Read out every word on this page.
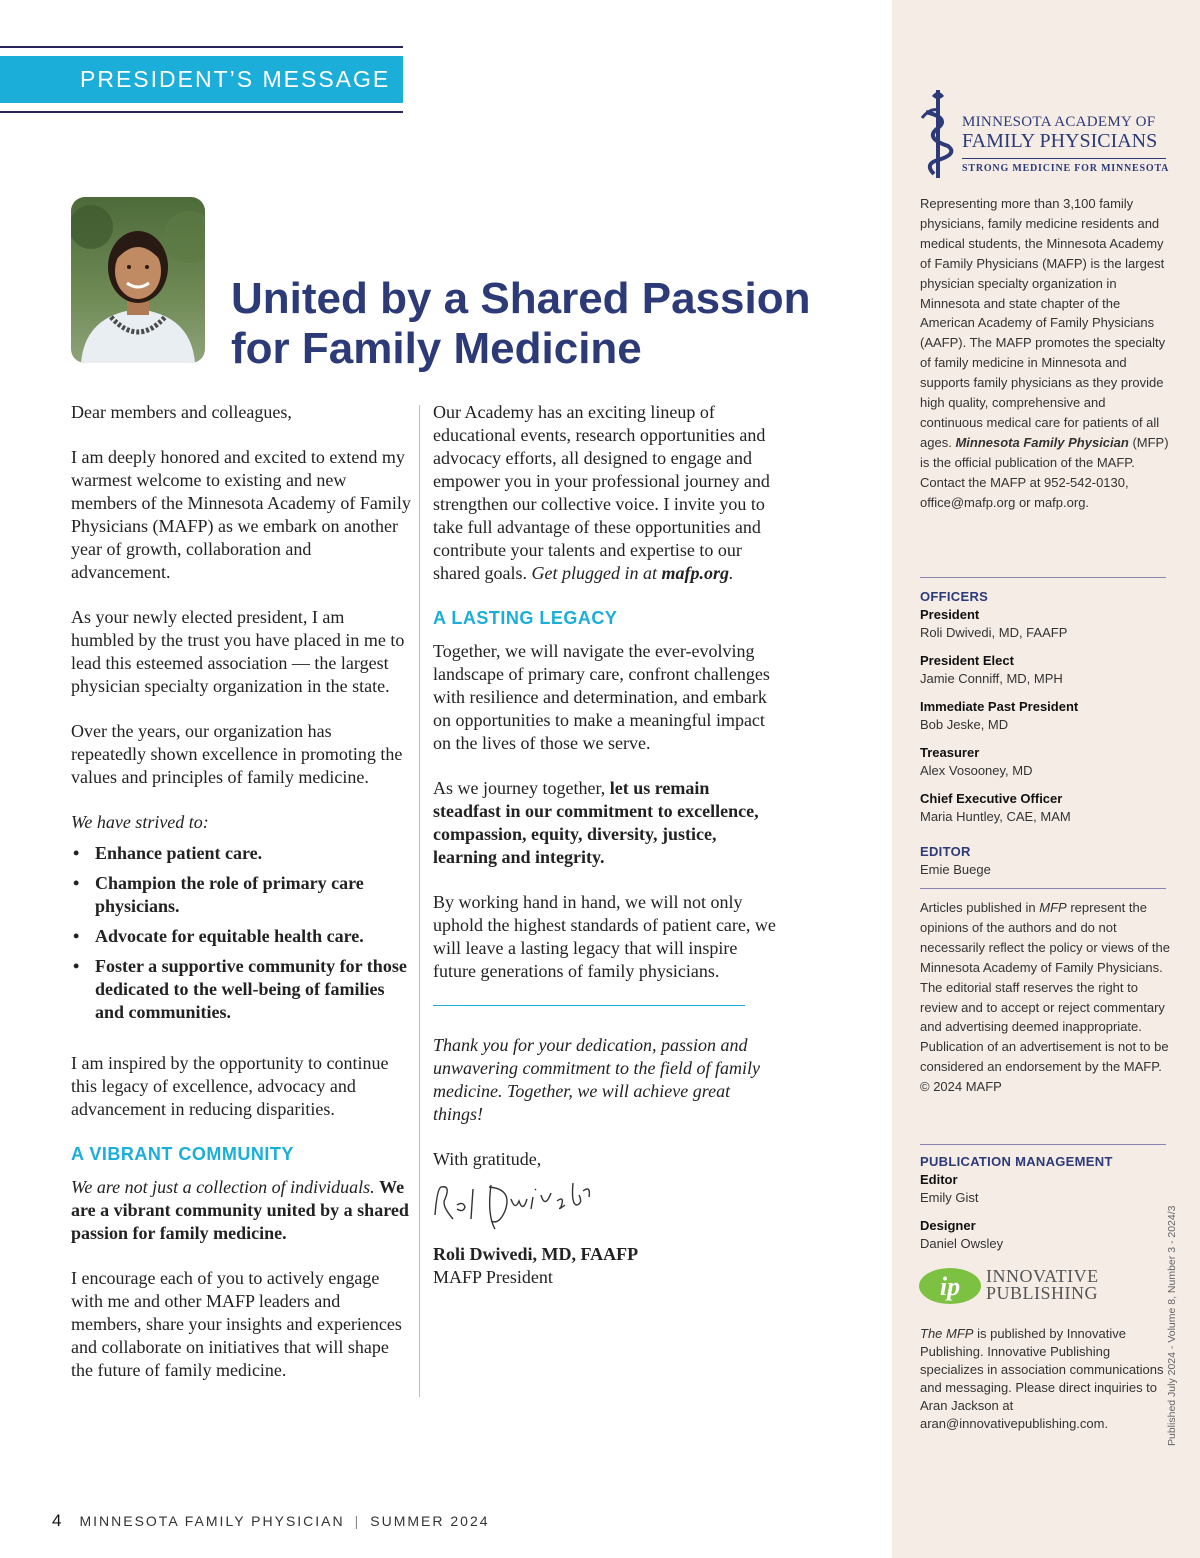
PRESIDENT’S MESSAGE
United by a Shared Passion
for Family Medicine

Dear members and colleagues,

I am deeply honored and excited to extend my warmest welcome to existing and new members of the Minnesota Academy of Family Physicians (MAFP) as we embark on another year of growth, collaboration and advancement.

As your newly elected president, I am humbled by the trust you have placed in me to lead this esteemed association — the largest physician specialty organization in the state.

Over the years, our organization has repeatedly shown excellence in promoting the values and principles of family medicine.

We have strived to:

• Enhance patient care.
• Champion the role of primary care physicians.
• Advocate for equitable health care.
• Foster a supportive community for those dedicated to the well-being of families and communities.

I am inspired by the opportunity to continue this legacy of excellence, advocacy and advancement in reducing disparities.

A VIBRANT COMMUNITY

We are not just a collection of individuals. We are a vibrant community united by a shared passion for family medicine.

I encourage each of you to actively engage with me and other MAFP leaders and members, share your insights and experiences and collaborate on initiatives that will shape the future of family medicine.

Our Academy has an exciting lineup of educational events, research opportunities and advocacy efforts, all designed to engage and empower you in your professional journey and strengthen our collective voice. I invite you to take full advantage of these opportunities and contribute your talents and expertise to our shared goals. Get plugged in at mafp.org.

A LASTING LEGACY

Together, we will navigate the ever-evolving landscape of primary care, confront challenges with resilience and determination, and embark on opportunities to make a meaningful impact on the lives of those we serve.

As we journey together, let us remain steadfast in our commitment to excellence, compassion, equity, diversity, justice, learning and integrity.

By working hand in hand, we will not only uphold the highest standards of patient care, we will leave a lasting legacy that will inspire future generations of family physicians.

Thank you for your dedication, passion and unwavering commitment to the field of family medicine. Together, we will achieve great things!

With gratitude,

Roli Dwivedi, MD, FAAFP
MAFP President
4 MINNESOTA FAMILY PHYSICIAN | SUMMER 2024
MINNESOTA ACADEMY OF
FAMILY PHYSICIANS
STRONG MEDICINE FOR MINNESOTA
Representing more than 3,100 family physicians, family medicine residents and medical students, the Minnesota Academy of Family Physicians (MAFP) is the largest physician specialty organization in Minnesota and state chapter of the American Academy of Family Physicians (AAFP). The MAFP promotes the specialty of family medicine in Minnesota and supports family physicians as they provide high quality, comprehensive and continuous medical care for patients of all ages. Minnesota Family Physician (MFP) is the official publication of the MAFP. Contact the MAFP at 952-542-0130, office@mafp.org or mafp.org.
OFFICERS
President
Roli Dwivedi, MD, FAAFP
President Elect
Jamie Conniff, MD, MPH
Immediate Past President
Bob Jeske, MD
Treasurer
Alex Vosooney, MD
Chief Executive Officer
Maria Huntley, CAE, MAM
EDITOR
Emie Buege
Articles published in MFP represent the opinions of the authors and do not necessarily reflect the policy or views of the Minnesota Academy of Family Physicians. The editorial staff reserves the right to review and to accept or reject commentary and advertising deemed inappropriate. Publication of an advertisement is not to be considered an endorsement by the MAFP.
© 2024 MAFP
PUBLICATION MANAGEMENT
Editor
Emily Gist
Designer
Daniel Owsley
ip INNOVATIVE
PUBLISHING
The MFP is published by Innovative Publishing. Innovative Publishing specializes in association communications and messaging. Please direct inquiries to Aran Jackson at aran@innovativepublishing.com.	Published July 2024 - Volume 8, Number 3 - 2024/3
